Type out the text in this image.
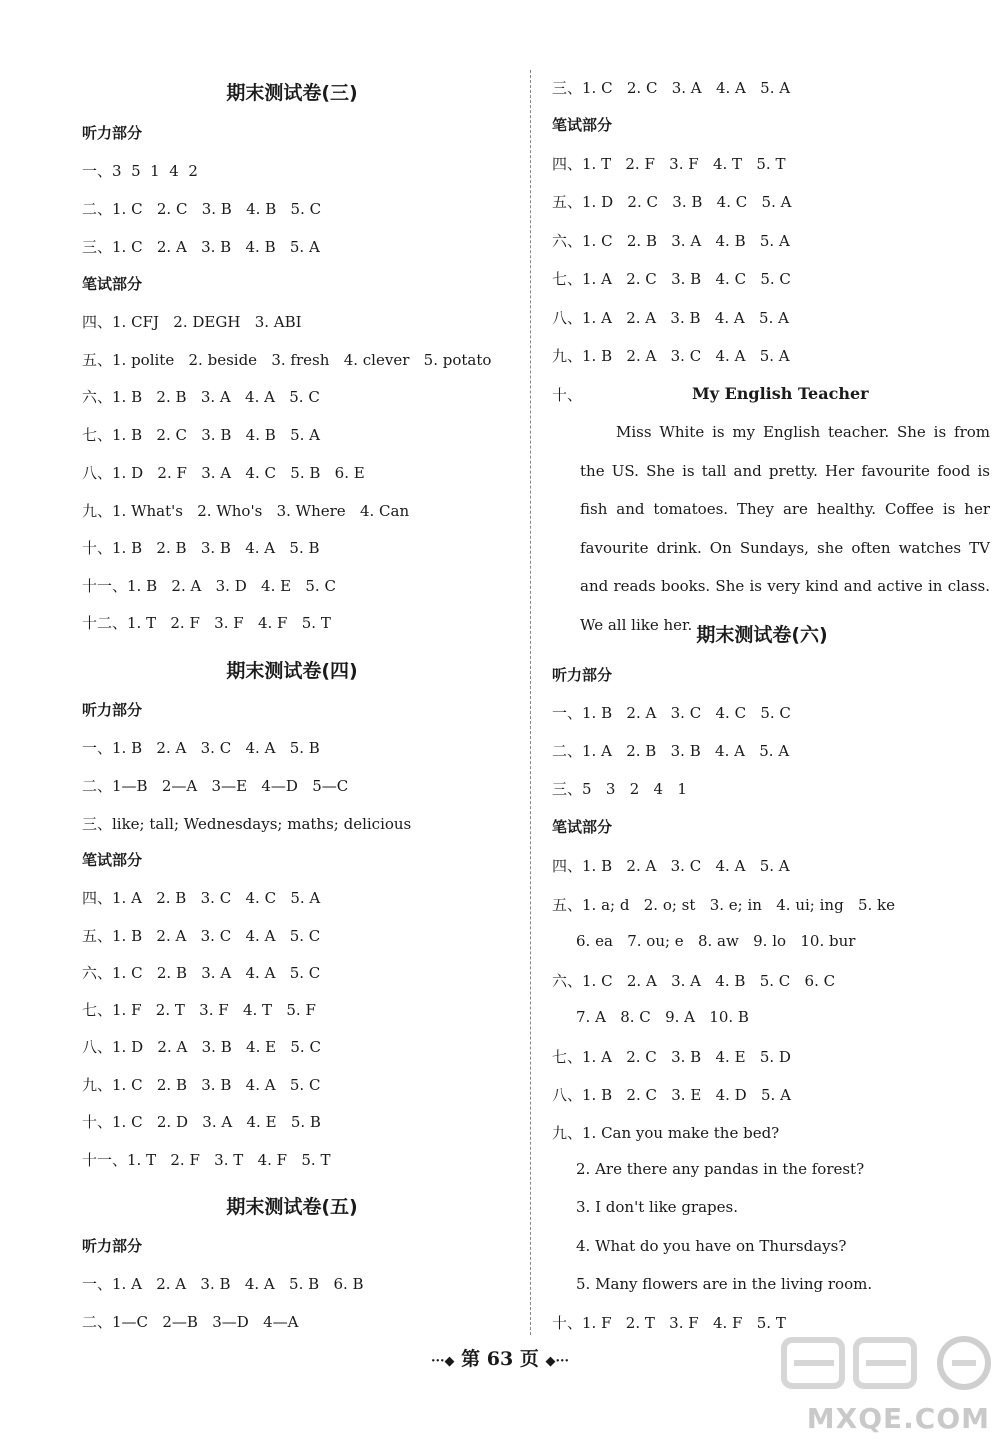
期末测试卷(三)
听力部分
一、3  5  1  4  2
二、1. C   2. C   3. B   4. B   5. C
三、1. C   2. A   3. B   4. B   5. A
笔试部分
四、1. CFJ   2. DEGH   3. ABI
五、1. polite   2. beside   3. fresh   4. clever   5. potato
六、1. B   2. B   3. A   4. A   5. C
七、1. B   2. C   3. B   4. B   5. A
八、1. D   2. F   3. A   4. C   5. B   6. E
九、1. What's   2. Who's   3. Where   4. Can
十、1. B   2. B   3. B   4. A   5. B
十一、1. B   2. A   3. D   4. E   5. C
十二、1. T   2. F   3. F   4. F   5. T
期末测试卷(四)
听力部分
一、1. B   2. A   3. C   4. A   5. B
二、1—B   2—A   3—E   4—D   5—C
三、like; tall; Wednesdays; maths; delicious
笔试部分
四、1. A   2. B   3. C   4. C   5. A
五、1. B   2. A   3. C   4. A   5. C
六、1. C   2. B   3. A   4. A   5. C
七、1. F   2. T   3. F   4. T   5. F
八、1. D   2. A   3. B   4. E   5. C
九、1. C   2. B   3. B   4. A   5. C
十、1. C   2. D   3. A   4. E   5. B
十一、1. T   2. F   3. T   4. F   5. T
期末测试卷(五)
听力部分
一、1. A   2. A   3. B   4. A   5. B   6. B
二、1—C   2—B   3—D   4—A
三、1. C   2. C   3. A   4. A   5. A
笔试部分
四、1. T   2. F   3. F   4. T   5. T
五、1. D   2. C   3. B   4. C   5. A
六、1. C   2. B   3. A   4. B   5. A
七、1. A   2. C   3. B   4. C   5. C
八、1. A   2. A   3. B   4. A   5. A
九、1. B   2. A   3. C   4. A   5. A
十、	My English Teacher
Miss White is my English teacher. She is from the US. She is tall and pretty. Her favourite food is fish and tomatoes. They are healthy. Coffee is her favourite drink. On Sundays, she often watches TV and reads books. She is very kind and active in class. We all like her. 期末测试卷(六)
听力部分
一、1. B   2. A   3. C   4. C   5. C
二、1. A   2. B   3. B   4. A   5. A
三、5   3   2   4   1
笔试部分
四、1. B   2. A   3. C   4. A   5. A
五、1. a; d   2. o; st   3. e; in   4. ui; ing   5. ke
6. ea   7. ou; e   8. aw   9. lo   10. bur
六、1. C   2. A   3. A   4. B   5. C   6. C
7. A   8. C   9. A   10. B
七、1. A   2. C   3. B   4. E   5. D
八、1. B   2. C   3. E   4. D   5. A
九、1. Can you make the bed?
2. Are there any pandas in the forest?
3. I don't like grapes.
4. What do you have on Thursdays?
5. Many flowers are in the living room.
十、1. F   2. T   3. F   4. F   5. T
···◆ 第 63 页 ◆···
MXQE.COM
